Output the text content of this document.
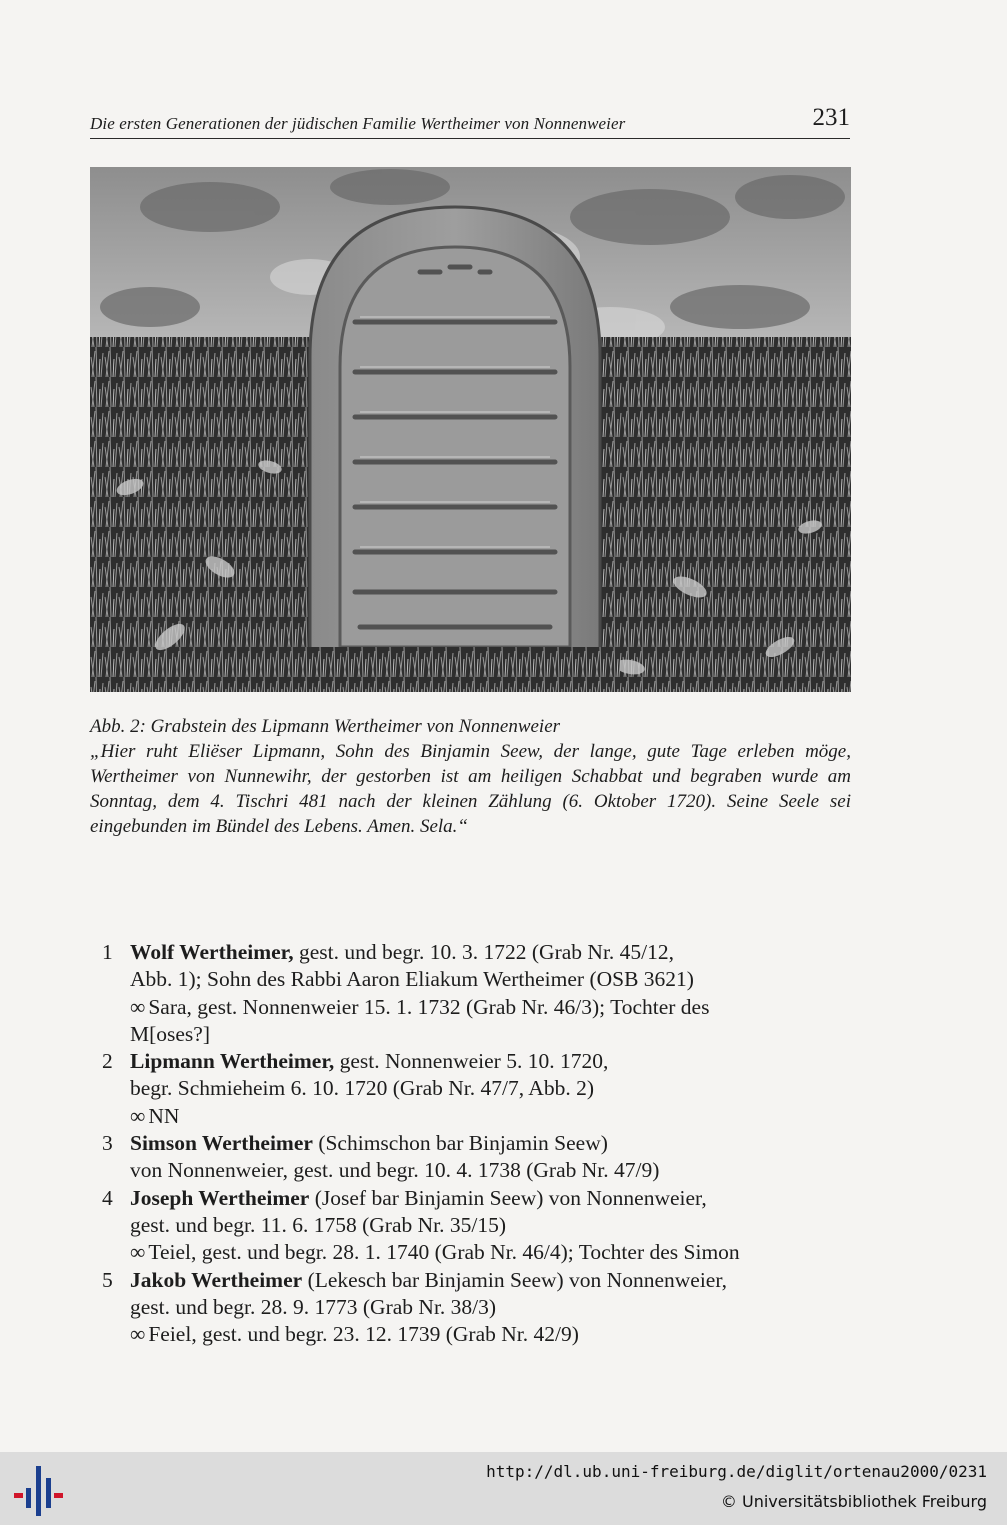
Die ersten Generationen der jüdischen Familie Wertheimer von Nonnenweier	231
Abb. 2: Grabstein des Lipmann Wertheimer von Nonnenweier
„Hier ruht Eliëser Lipmann, Sohn des Binjamin Seew, der lange, gute Tage erleben möge, Wertheimer von Nunnewihr, der gestorben ist am heiligen Schabbat und begraben wurde am Sonntag, dem 4. Tischri 481 nach der kleinen Zählung (6. Oktober 1720). Seine Seele sei eingebunden im Bündel des Lebens. Amen. Sela.“
1 Wolf Wertheimer, gest. und begr. 10. 3. 1722 (Grab Nr. 45/12,
Abb. 1); Sohn des Rabbi Aaron Eliakum Wertheimer (OSB 3621)
∞ Sara, gest. Nonnenweier 15. 1. 1732 (Grab Nr. 46/3); Tochter des
M[oses?]
2 Lipmann Wertheimer, gest. Nonnenweier 5. 10. 1720,
begr. Schmieheim 6. 10. 1720 (Grab Nr. 47/7, Abb. 2)
∞ NN
3 Simson Wertheimer (Schimschon bar Binjamin Seew)
von Nonnenweier, gest. und begr. 10. 4. 1738 (Grab Nr. 47/9)
4 Joseph Wertheimer (Josef bar Binjamin Seew) von Nonnenweier,
gest. und begr. 11. 6. 1758 (Grab Nr. 35/15)
∞ Teiel, gest. und begr. 28. 1. 1740 (Grab Nr. 46/4); Tochter des Simon
5 Jakob Wertheimer (Lekesch bar Binjamin Seew) von Nonnenweier,
gest. und begr. 28. 9. 1773 (Grab Nr. 38/3)
∞ Feiel, gest. und begr. 23. 12. 1739 (Grab Nr. 42/9)
http://dl.ub.uni-freiburg.de/diglit/ortenau2000/0231
© Universitätsbibliothek Freiburg
